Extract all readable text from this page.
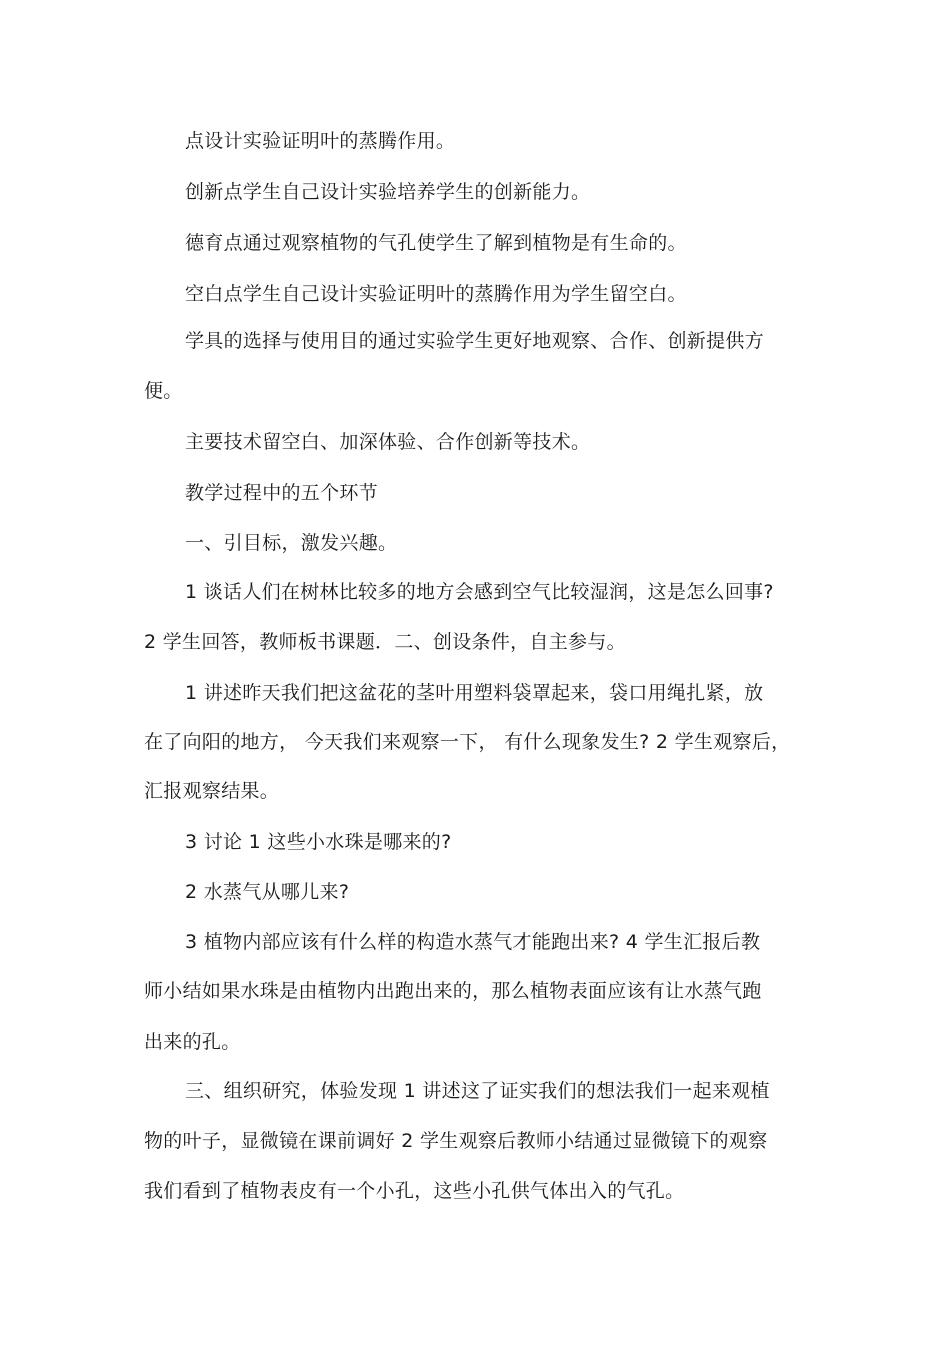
点设计实验证明叶的蒸腾作用。
创新点学生自己设计实验培养学生的创新能力。
德育点通过观察植物的气孔使学生了解到植物是有生命的。
空白点学生自己设计实验证明叶的蒸腾作用为学生留空白。
学具的选择与使用目的通过实验学生更好地观察、合作、创新提供方
便。
主要技术留空白、加深体验、合作创新等技术。
教学过程中的五个环节
一、引目标，激发兴趣。
1 谈话人们在树林比较多的地方会感到空气比较湿润，这是怎么回事?
2 学生回答，教师板书课题．二、创设条件，自主参与。
1 讲述昨天我们把这盆花的茎叶用塑料袋罩起来，袋口用绳扎紧，放
在了向阳的地方， 今天我们来观察一下， 有什么现象发生? 2 学生观察后，
汇报观察结果。
3 讨论 1 这些小水珠是哪来的?
2 水蒸气从哪儿来?
3 植物内部应该有什么样的构造水蒸气才能跑出来? 4 学生汇报后教
师小结如果水珠是由植物内出跑出来的，那么植物表面应该有让水蒸气跑
出来的孔。
三、组织研究，体验发现 1 讲述这了证实我们的想法我们一起来观植
物的叶子，显微镜在课前调好 2 学生观察后教师小结通过显微镜下的观察
我们看到了植物表皮有一个小孔，这些小孔供气体出入的气孔。
